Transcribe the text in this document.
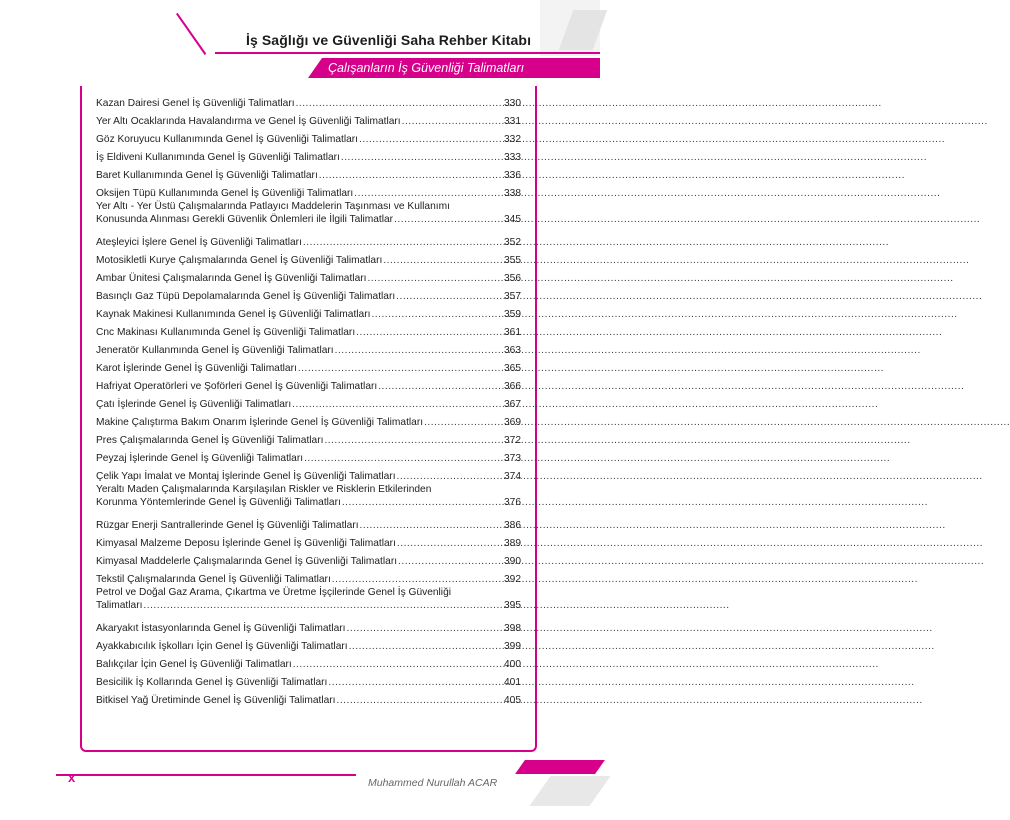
İş Sağlığı ve Güvenliği Saha Rehber Kitabı
Çalışanların İş Güvenliği Talimatları
Kazan Dairesi Genel İş Güvenliği Talimatları .....	330
Yer Altı Ocaklarında Havalandırma ve Genel İş Güvenliği Talimatları .....	331
Göz Koruyucu Kullanımında Genel İş Güvenliği Talimatları .....	332
İş Eldiveni Kullanımında Genel İş Güvenliği Talimatları .....	333
Baret Kullanımında Genel İş Güvenliği Talimatları .....	336
Oksijen Tüpü Kullanımında Genel İş Güvenliği Talimatları .....	338
Yer Altı - Yer Üstü Çalışmalarında Patlayıcı Maddelerin Taşınması ve Kullanımı
Konusunda Alınması Gerekli Güvenlik Önlemleri ile İlgili Talimatlar .....	345
Ateşleyici İşlere Genel İş Güvenliği Talimatları .....	352
Motosikletli Kurye Çalışmalarında Genel İş Güvenliği Talimatları .....	355
Ambar Ünitesi Çalışmalarında Genel İş Güvenliği Talimatları .....	356
Basınçlı Gaz Tüpü Depolamalarında Genel İş Güvenliği Talimatları .....	357
Kaynak Makinesi Kullanımında Genel İş Güvenliği Talimatları .....	359
Cnc Makinası Kullanımında Genel İş Güvenliği Talimatları .....	361
Jeneratör Kullanmında Genel İş Güvenliği Talimatları .....	363
Karot İşlerinde Genel İş Güvenliği Talimatları .....	365
Hafriyat Operatörleri ve Şoförleri Genel İş Güvenliği Talimatları .....	366
Çatı İşlerinde Genel İş Güvenliği Talimatları .....	367
Makine Çalıştırma Bakım Onarım İşlerinde Genel İş Güvenliği Talimatları .....	369
Pres Çalışmalarında Genel İş Güvenliği Talimatları .....	372
Peyzaj İşlerinde Genel İş Güvenliği Talimatları .....	373
Çelik Yapı İmalat ve Montaj İşlerinde Genel İş Güvenliği Talimatları .....	374
Yeraltı Maden Çalışmalarında Karşılaşılan Riskler ve Risklerin Etkilerinden
Korunma Yöntemlerinde Genel İş Güvenliği Talimatları .....	376
Rüzgar Enerji Santrallerinde Genel İş Güvenliği Talimatları .....	386
Kimyasal Malzeme Deposu İşlerinde Genel İş Güvenliği Talimatları .....	389
Kimyasal Maddelerle Çalışmalarında Genel İş Güvenliği Talimatları .....	390
Tekstil Çalışmalarında Genel İş Güvenliği Talimatları .....	392
Petrol ve Doğal Gaz Arama, Çıkartma ve Üretme İşçilerinde Genel İş Güvenliği
Talimatları .....	395
Akaryakıt İstasyonlarında Genel İş Güvenliği Talimatları .....	398
Ayakkabıcılık İşkolları İçin Genel İş Güvenliği Talimatları .....	399
Balıkçılar İçin Genel İş Güvenliği Talimatları .....	400
Besicilik İş Kollarında Genel İş Güvenliği Talimatları .....	401
Bitkisel Yağ Üretiminde Genel İş Güvenliği Talimatları .....	405
x	Muhammed Nurullah ACAR
